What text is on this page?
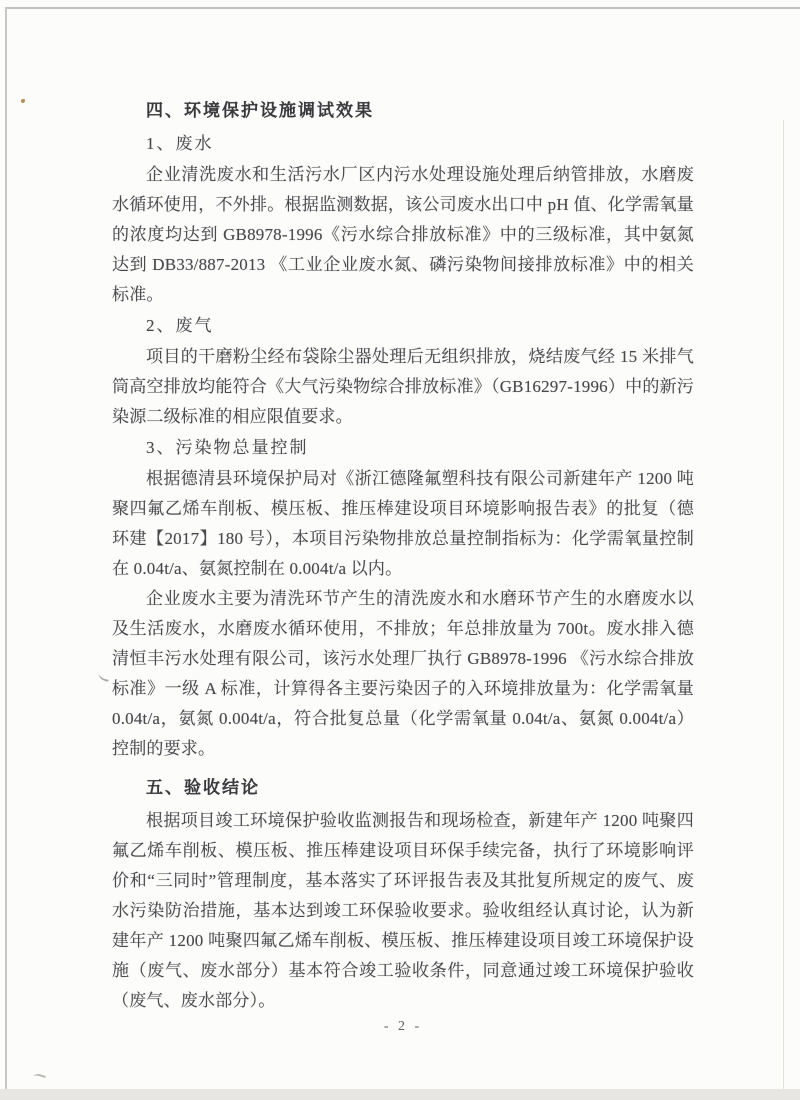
四、环境保护设施调试效果
1、废水

企业清洗废水和生活污水厂区内污水处理设施处理后纳管排放，水磨废水循环使用，不外排。根据监测数据，该公司废水出口中 pH 值、化学需氧量的浓度均达到 GB8978-1996《污水综合排放标准》中的三级标准，其中氨氮达到 DB33/887-2013 《工业企业废水氮、磷污染物间接排放标准》中的相关标准。

2、废气

项目的干磨粉尘经布袋除尘器处理后无组织排放，烧结废气经 15 米排气筒高空排放均能符合《大气污染物综合排放标准》（GB16297-1996）中的新污染源二级标准的相应限值要求。

3、污染物总量控制

根据德清县环境保护局对《浙江德隆氟塑科技有限公司新建年产 1200 吨聚四氟乙烯车削板、模压板、推压棒建设项目环境影响报告表》的批复（德环建【2017】180 号），本项目污染物排放总量控制指标为：化学需氧量控制在 0.04t/a、氨氮控制在 0.004t/a 以内。

企业废水主要为清洗环节产生的清洗废水和水磨环节产生的水磨废水以及生活废水，水磨废水循环使用，不排放；年总排放量为 700t。废水排入德清恒丰污水处理有限公司，该污水处理厂执行 GB8978-1996 《污水综合排放标准》一级 A 标准，计算得各主要污染因子的入环境排放量为：化学需氧量 0.04t/a，氨氮 0.004t/a，符合批复总量（化学需氧量 0.04t/a、氨氮 0.004t/a）控制的要求。

五、验收结论

根据项目竣工环境保护验收监测报告和现场检查，新建年产 1200 吨聚四氟乙烯车削板、模压板、推压棒建设项目环保手续完备，执行了环境影响评价和“三同时”管理制度，基本落实了环评报告表及其批复所规定的废气、废水污染防治措施，基本达到竣工环保验收要求。验收组经认真讨论，认为新建年产 1200 吨聚四氟乙烯车削板、模压板、推压棒建设项目竣工环境保护设施（废气、废水部分）基本符合竣工验收条件，同意通过竣工环境保护验收（废气、废水部分）。

- 2 -
